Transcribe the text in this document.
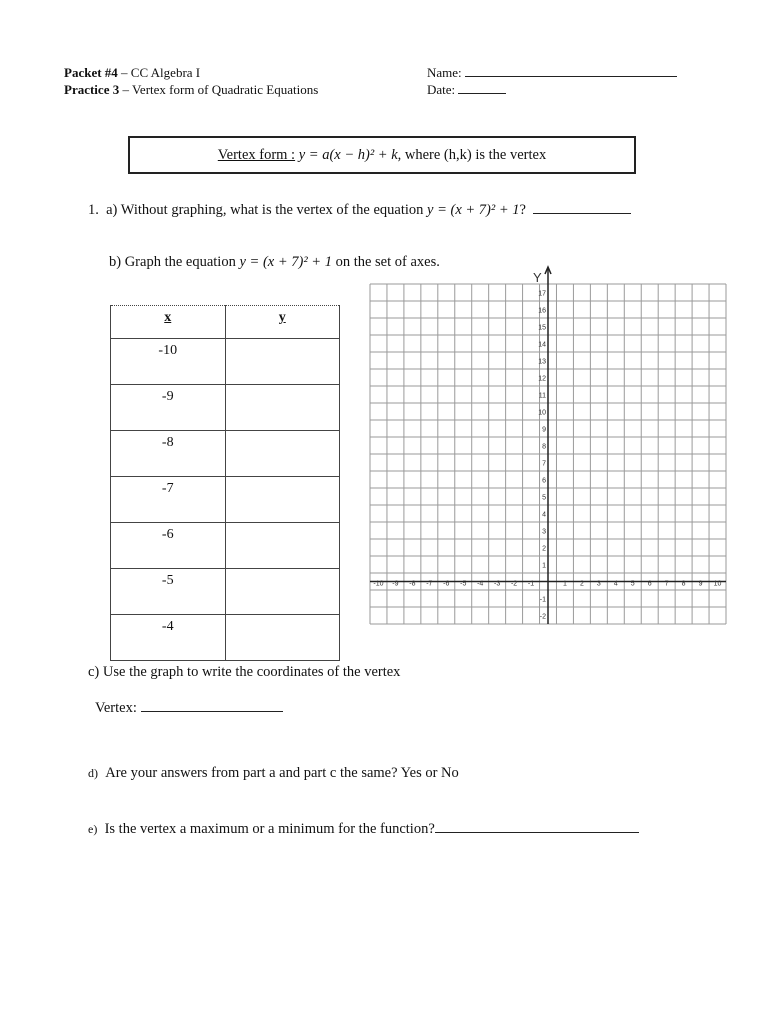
Packet #4 – CC Algebra I
Practice 3 – Vertex form of Quadratic Equations
Name:
Date:
Vertex form : y = a(x − h)² + k, where (h,k) is the vertex
1. a) Without graphing, what is the vertex of the equation y = (x + 7)² + 1?
b) Graph the equation y = (x + 7)² + 1 on the set of axes.
x	y
-10	
-9	
-8	
-7	
-6	
-5	
-4	
Y
-10 -9 -8 -7 -6 -5 -4 -3 -2 -1	1 2 3 4 5 6 7 8 9 10
17
16
15
14
13
12
11
10
9
8
7
6
5
4
3
2
1
-1
-2
c) Use the graph to write the coordinates of the vertex
Vertex:
d) Are your answers from part a and part c the same? Yes or No
e) Is the vertex a maximum or a minimum for the function?
